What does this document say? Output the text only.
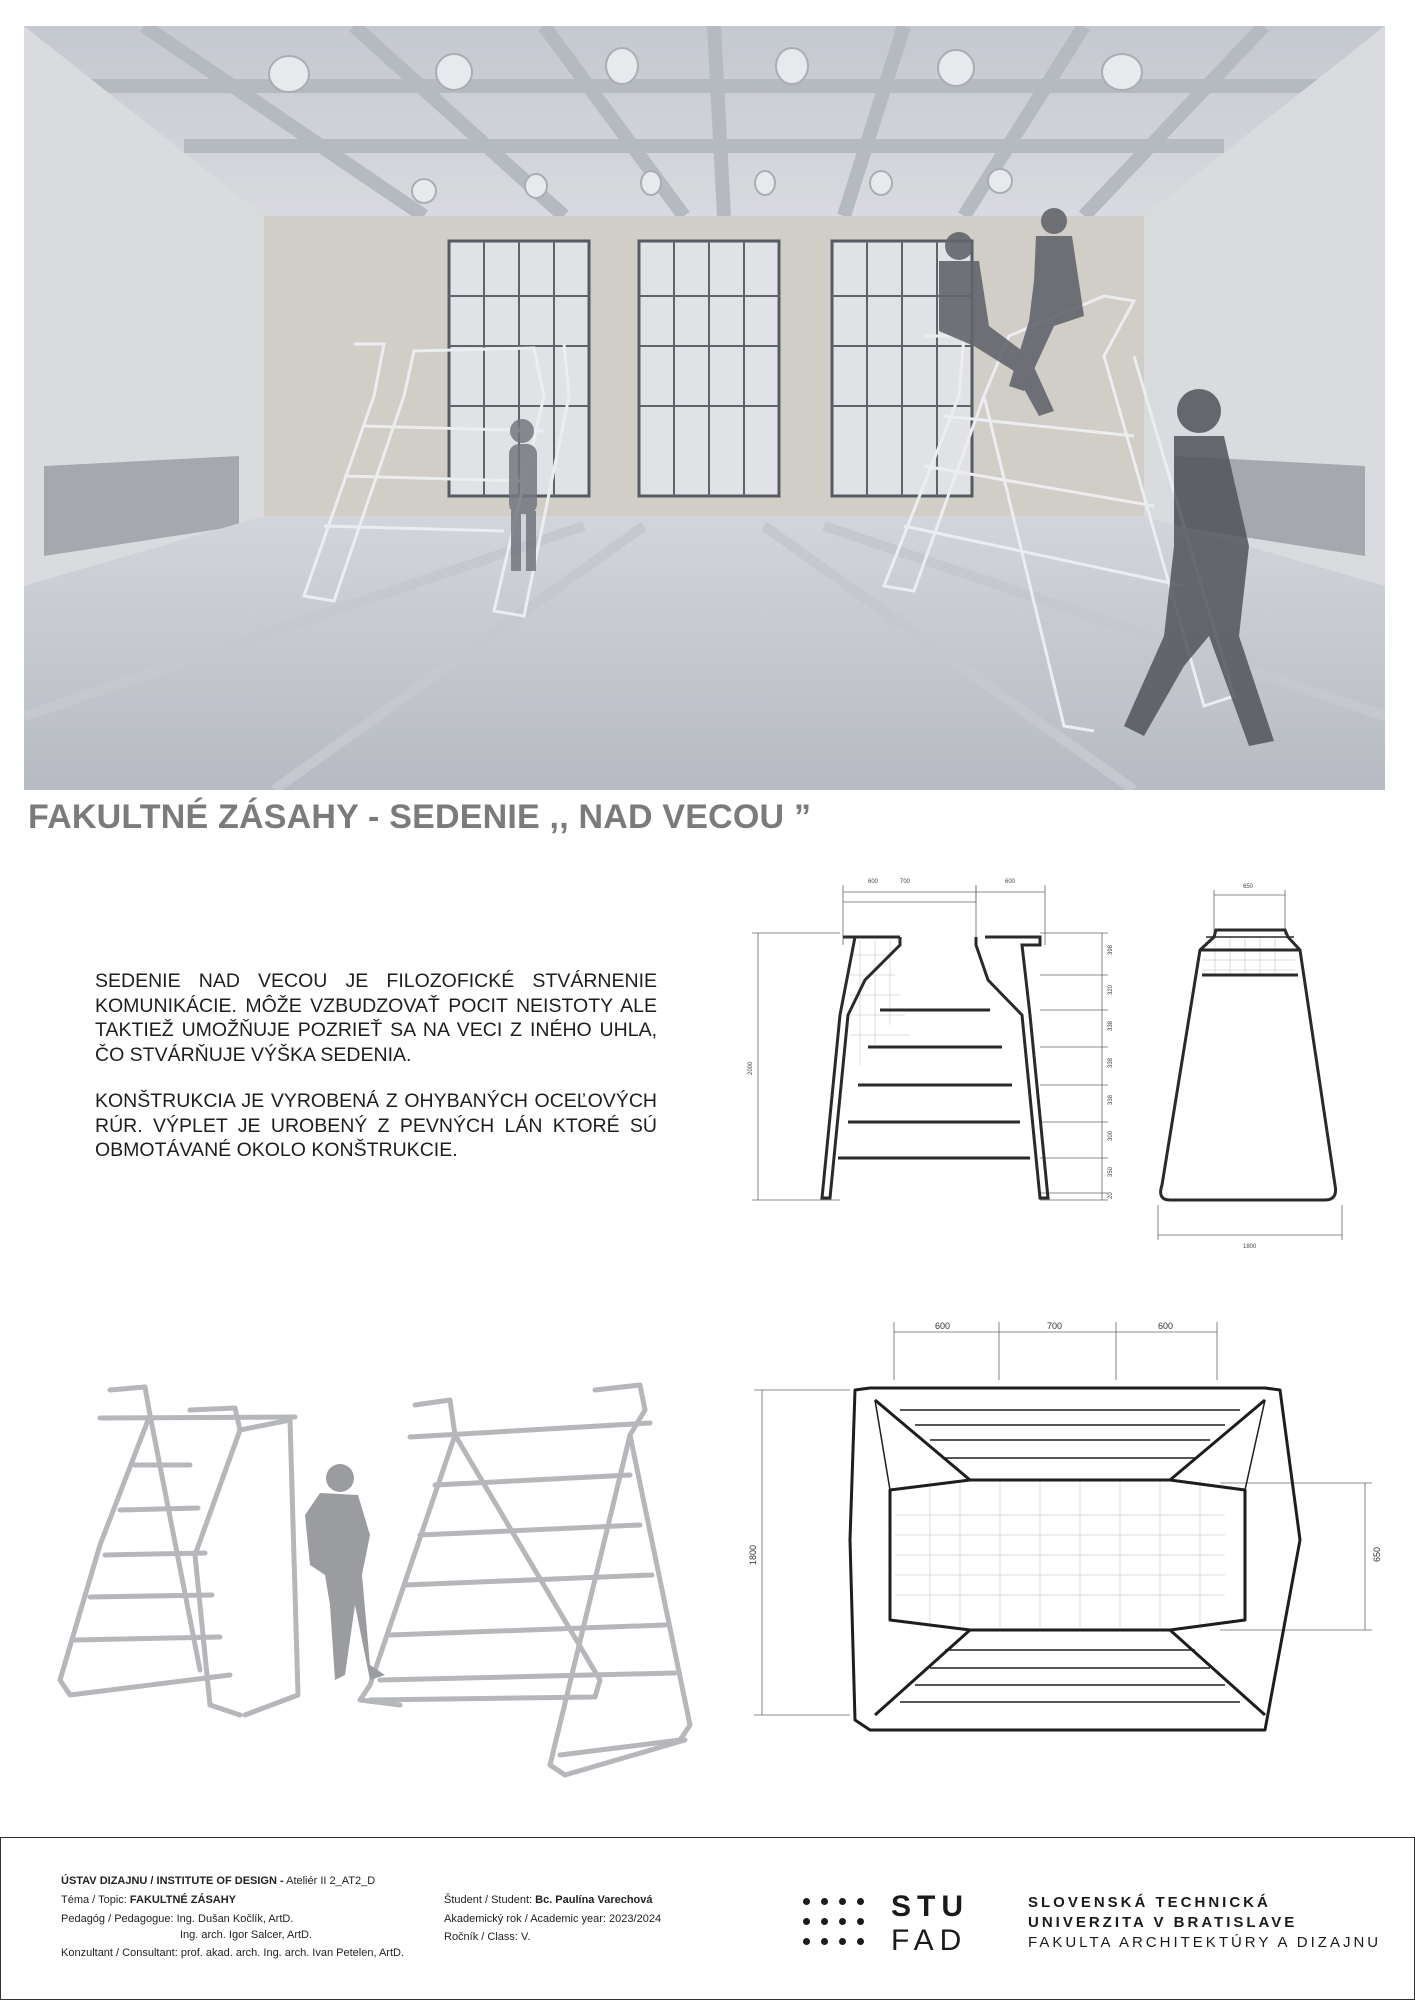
FAKULTNÉ ZÁSAHY - SEDENIE ,, NAD VECOU ”
SEDENIE NAD VECOU JE FILOZOFICKÉ STVÁRNENIE KOMUNIKÁCIE. MÔŽE VZBUDZOVAŤ POCIT NEISTOTY ALE TAKTIEŽ UMOŽŇUJE POZRIEŤ SA NA VECI Z INÉHO UHLA, ČO STVÁRŇUJE VÝŠKA SEDENIA.
KONŠTRUKCIA JE VYROBENÁ Z OHYBANÝCH OCEĽOVÝCH RÚR. VÝPLET JE UROBENÝ Z PEVNÝCH LÁN KTORÉ SÚ OBMOTÁVANÉ OKOLO KONŠTRUKCIE.
600	700	600
2000
398
320
338
338
338
300
350
20
650
1800
600	700	600
1800	650
ÚSTAV DIZAJNU / INSTITUTE OF DESIGN - Ateliér II 2_AT2_D
Téma / Topic: FAKULTNÉ ZÁSAHY
Pedagóg / Pedagogue: Ing. Dušan Kočlík, ArtD.
Ing. arch. Igor Salcer, ArtD.
Konzultant / Consultant: prof. akad. arch. Ing. arch. Ivan Petelen, ArtD.
Študent / Student: Bc. Paulína Varechová
Akademický rok / Academic year: 2023/2024
Ročník / Class: V.
STU
FAD
SLOVENSKÁ TECHNICKÁ
UNIVERZITA V BRATISLAVE
FAKULTA ARCHITEKTÚRY A DIZAJNU
